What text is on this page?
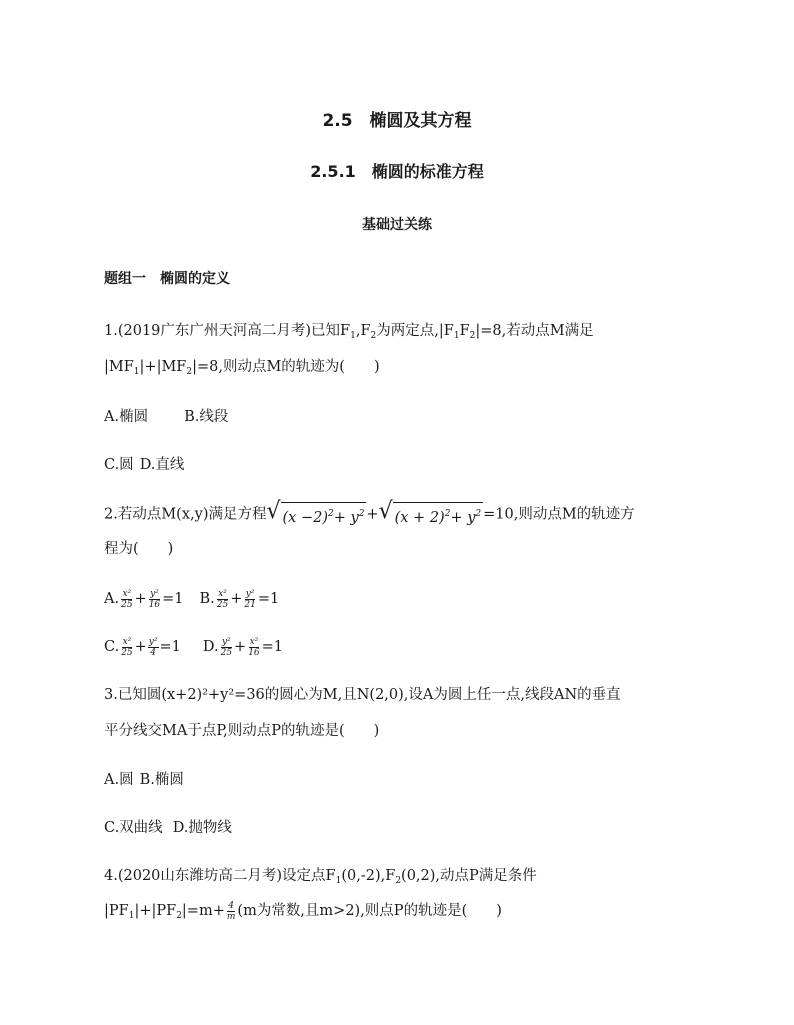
2.5　椭圆及其方程
2.5.1　椭圆的标准方程
基础过关练
题组一　椭圆的定义
1.(2019广东广州天河高二月考)已知$F_1,F_2$为两定点$,|F_1F_2|=8$,若动点M满足
$|MF_1|+|MF_2|=8$,则动点M的轨迹为(　　)
A.椭圆 B.线段
C.圆 D.直线
2.若动点M(x,y)满足方程 √ $(x -2)^2+ y^2$ + √ $(x + 2)^2+ y^2 =10$,则动点M的轨迹方
程为(　　)
A. $\frac{\text{x²}}{25} + \frac{\text{y²}}{16} =1$ B. $\frac{\text{x²}}{25} + \frac{\text{y²}}{21} =1$
C. $\frac{\text{x²}}{25} + \frac{\text{y²}}{4} =1$ D. $\frac{\text{y²}}{25} + \frac{\text{x²}}{16} =1$
3.已知圆(x+2)²+y²=36的圆心为M,且N(2,0),设A为圆上任一点,线段AN的垂直
平分线交MA于点P,则动点P的轨迹是(　　)
A.圆 B.椭圆
C.双曲线 D.抛物线
4.(2020山东潍坊高二月考)设定点$F_1(0,-2),F_2(0,2)$,动点P满足条件
$|PF_1|+|PF_2|=m+ \frac{4}{m} (m$为常数,且m>2),则点P的轨迹是(　　)
